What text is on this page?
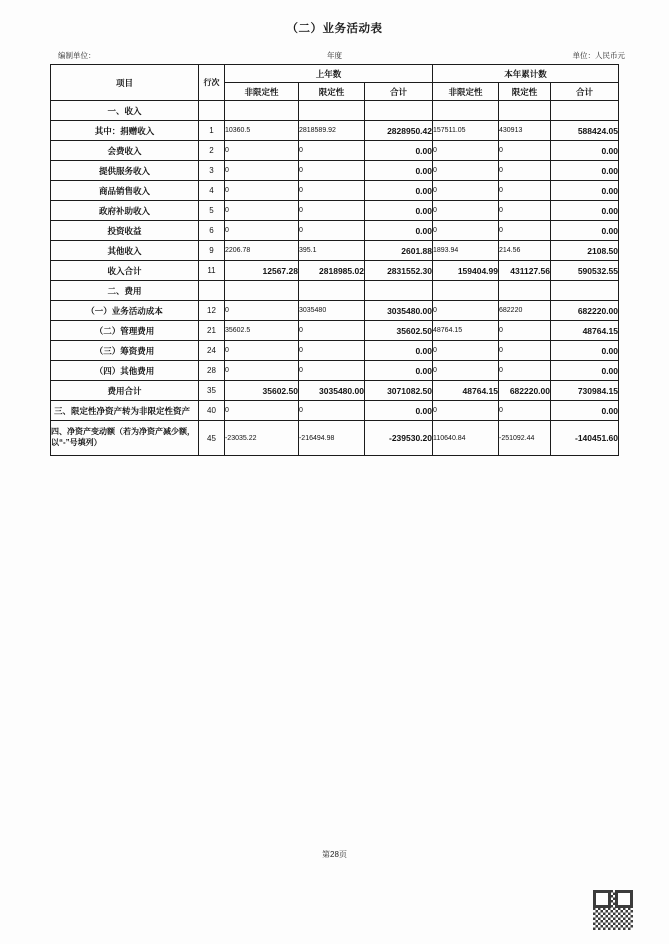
（二）业务活动表
编制单位：	单位：人民币元
年度
项目	行次	上年数			本年累计数		
		非限定性	限定性	合计	非限定性	限定性	合计
一、收入							
其中：捐赠收入	1	10360.5	2818589.92	2828950.42	157511.05	430913	588424.05
会费收入	2	0	0	0.00	0	0	0.00
提供服务收入	3	0	0	0.00	0	0	0.00
商品销售收入	4	0	0	0.00	0	0	0.00
政府补助收入	5	0	0	0.00	0	0	0.00
投资收益	6	0	0	0.00	0	0	0.00
其他收入	9	2206.78	395.1	2601.88	1893.94	214.56	2108.50
收入合计	11	12567.28	2818985.02	2831552.30	159404.99	431127.56	590532.55
二、费用							
（一）业务活动成本	12	0	3035480	3035480.00	0	682220	682220.00
（二）管理费用	21	35602.5	0	35602.50	48764.15	0	48764.15
（三）筹资费用	24	0	0	0.00	0	0	0.00
（四）其他费用	28	0	0	0.00	0	0	0.00
费用合计	35	35602.50	3035480.00	3071082.50	48764.15	682220.00	730984.15
三、限定性净资产转为非限定性资产	40	0	0	0.00	0	0	0.00
四、净资产变动额（若为净资产减少额，以“-”号填列）	45	-23035.22	-216494.98	-239530.20	110640.84	-251092.44	-140451.60
第28页
